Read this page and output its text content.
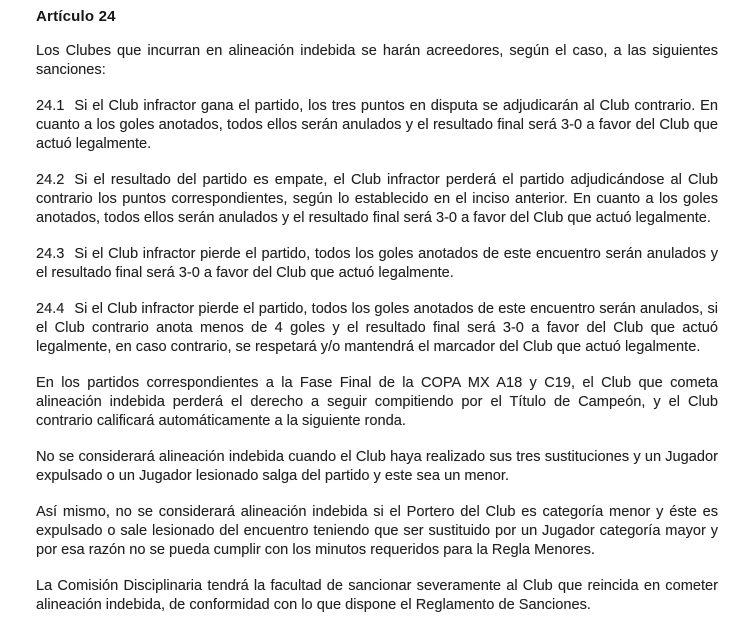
Artículo 24

Los Clubes que incurran en alineación indebida se harán acreedores, según el caso, a las siguientes sanciones:

24.1 Si el Club infractor gana el partido, los tres puntos en disputa se adjudicarán al Club contrario. En cuanto a los goles anotados, todos ellos serán anulados y el resultado final será 3-0 a favor del Club que actuó legalmente.

24.2 Si el resultado del partido es empate, el Club infractor perderá el partido adjudicándose al Club contrario los puntos correspondientes, según lo establecido en el inciso anterior. En cuanto a los goles anotados, todos ellos serán anulados y el resultado final será 3-0 a favor del Club que actuó legalmente.

24.3 Si el Club infractor pierde el partido, todos los goles anotados de este encuentro serán anulados y el resultado final será 3-0 a favor del Club que actuó legalmente.

24.4 Si el Club infractor pierde el partido, todos los goles anotados de este encuentro serán anulados, si el Club contrario anota menos de 4 goles y el resultado final será 3-0 a favor del Club que actuó legalmente, en caso contrario, se respetará y/o mantendrá el marcador del Club que actuó legalmente.

En los partidos correspondientes a la Fase Final de la COPA MX A18 y C19, el Club que cometa alineación indebida perderá el derecho a seguir compitiendo por el Título de Campeón, y el Club contrario calificará automáticamente a la siguiente ronda.

No se considerará alineación indebida cuando el Club haya realizado sus tres sustituciones y un Jugador expulsado o un Jugador lesionado salga del partido y este sea un menor.

Así mismo, no se considerará alineación indebida si el Portero del Club es categoría menor y éste es expulsado o sale lesionado del encuentro teniendo que ser sustituido por un Jugador categoría mayor y por esa razón no se pueda cumplir con los minutos requeridos para la Regla Menores.

La Comisión Disciplinaria tendrá la facultad de sancionar severamente al Club que reincida en cometer alineación indebida, de conformidad con lo que dispone el Reglamento de Sanciones.
